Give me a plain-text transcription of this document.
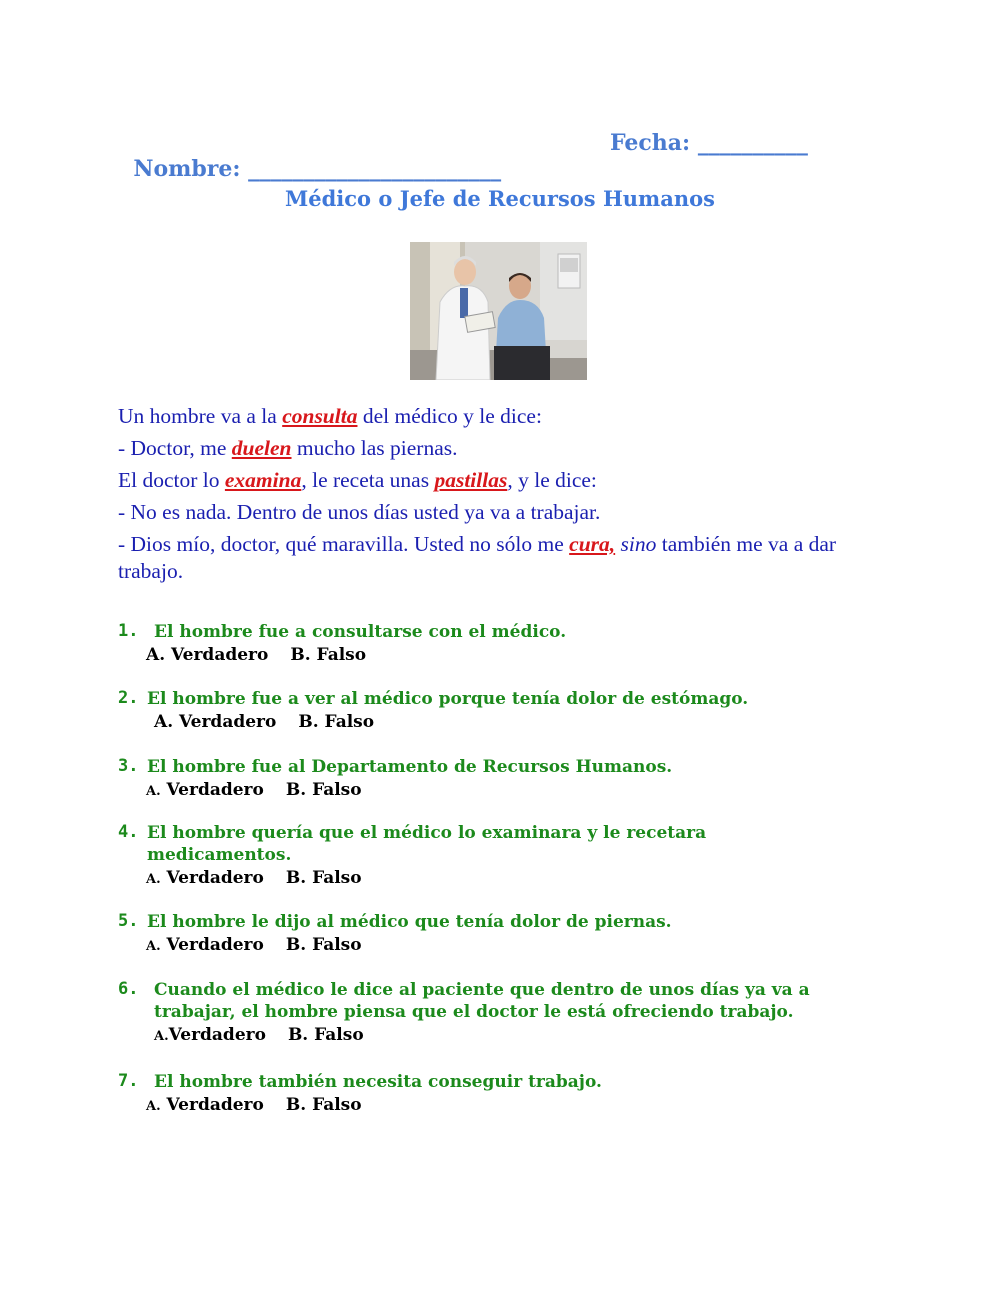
Nombre: _______________________

Fecha: __________

Médico o Jefe de Recursos Humanos

Un hombre va a la consulta del médico y le dice:

- Doctor, me duelen mucho las piernas.

El doctor lo examina, le receta unas pastillas, y le dice:

- No es nada. Dentro de unos días usted ya va a trabajar.

- Dios mío, doctor, qué maravilla. Usted no sólo me cura, sino también me va a dar trabajo.

1. El hombre fue a consultarse con el médico.
A. Verdadero B. Falso
2. El hombre fue a ver al médico porque tenía dolor de estómago.
A. Verdadero B. Falso
3. El hombre fue al Departamento de Recursos Humanos.
A. Verdadero B. Falso
4. El hombre quería que el médico lo examinara y le recetara medicamentos.
A. Verdadero B. Falso
5. El hombre le dijo al médico que tenía dolor de piernas.
A. Verdadero B. Falso
6. Cuando el médico le dice al paciente que dentro de unos días ya va a trabajar, el hombre piensa que el doctor le está ofreciendo trabajo.
A.Verdadero B. Falso
7. El hombre también necesita conseguir trabajo.
A. Verdadero B. Falso
